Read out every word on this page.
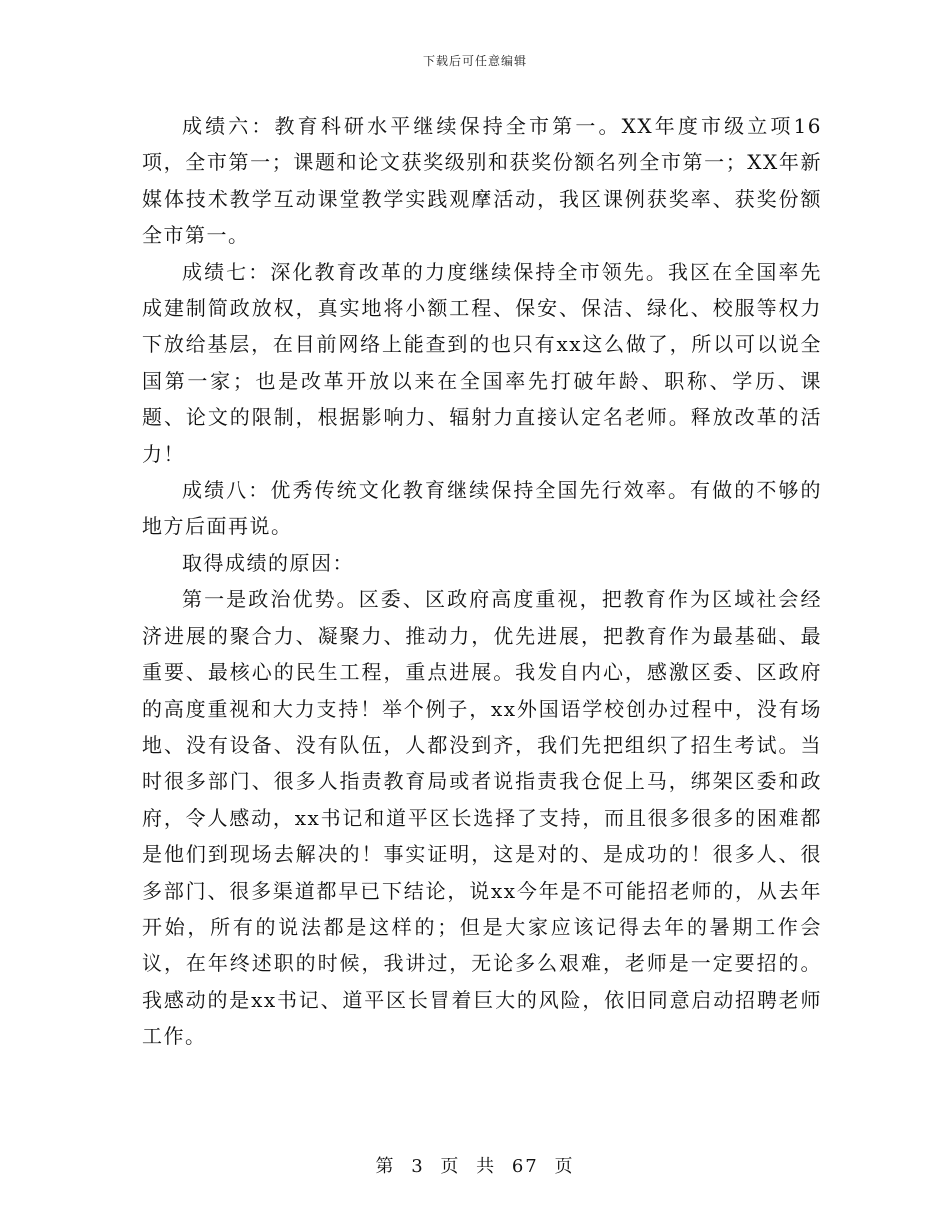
下载后可任意编辑

成绩六：教育科研水平继续保持全市第一。XX年度市级立项16项，全市第一；课题和论文获奖级别和获奖份额名列全市第一；XX年新媒体技术教学互动课堂教学实践观摩活动，我区课例获奖率、获奖份额全市第一。

成绩七：深化教育改革的力度继续保持全市领先。我区在全国率先成建制简政放权，真实地将小额工程、保安、保洁、绿化、校服等权力下放给基层，在目前网络上能查到的也只有xx这么做了，所以可以说全国第一家；也是改革开放以来在全国率先打破年龄、职称、学历、课题、论文的限制，根据影响力、辐射力直接认定名老师。释放改革的活力！

成绩八：优秀传统文化教育继续保持全国先行效率。有做的不够的地方后面再说。

取得成绩的原因：

第一是政治优势。区委、区政府高度重视，把教育作为区域社会经济进展的聚合力、凝聚力、推动力，优先进展，把教育作为最基础、最重要、最核心的民生工程，重点进展。我发自内心，感激区委、区政府的高度重视和大力支持！举个例子，xx外国语学校创办过程中，没有场地、没有设备、没有队伍，人都没到齐，我们先把组织了招生考试。当时很多部门、很多人指责教育局或者说指责我仓促上马，绑架区委和政府，令人感动，xx书记和道平区长选择了支持，而且很多很多的困难都是他们到现场去解决的！事实证明，这是对的、是成功的！很多人、很多部门、很多渠道都早已下结论，说xx今年是不可能招老师的，从去年开始，所有的说法都是这样的；但是大家应该记得去年的暑期工作会议，在年终述职的时候，我讲过，无论多么艰难，老师是一定要招的。我感动的是xx书记、道平区长冒着巨大的风险，依旧同意启动招聘老师工作。

第 3 页 共 67 页
